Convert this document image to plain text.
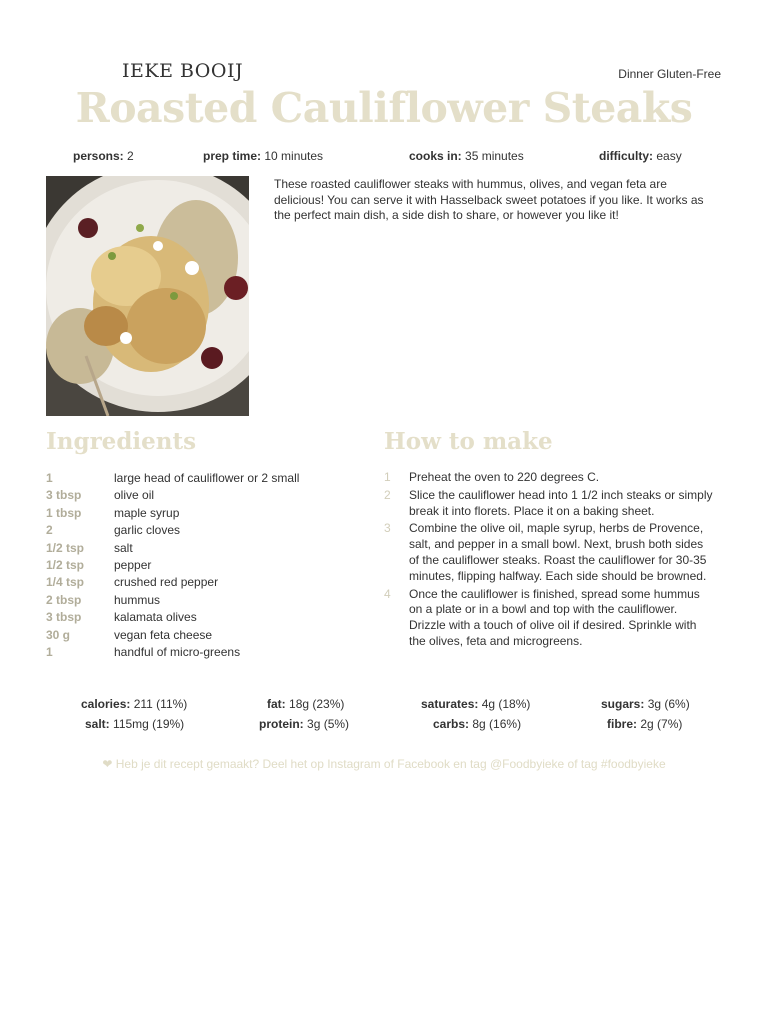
IEKE BOOIJ	Dinner Gluten-Free
Roasted Cauliflower Steaks
persons: 2	prep time: 10 minutes	cooks in: 35 minutes	difficulty: easy
These roasted cauliflower steaks with hummus, olives, and vegan feta are delicious! You can serve it with Hasselback sweet potatoes if you like. It works as the perfect main dish, a side dish to share, or however you like it!
Ingredients	How to make
1	large head of cauliflower or 2 small
3 tbsp	olive oil
1 tbsp	maple syrup
2	garlic cloves
1/2 tsp	salt
1/2 tsp	pepper
1/4 tsp	crushed red pepper
2 tbsp	hummus
3 tbsp	kalamata olives
30 g	vegan feta cheese
1	handful of micro-greens
1	Preheat the oven to 220 degrees C.
2	Slice the cauliflower head into 1 1/2 inch steaks or simply break it into florets. Place it on a baking sheet.
3	Combine the olive oil, maple syrup, herbs de Provence, salt, and pepper in a small bowl. Next, brush both sides of the cauliflower steaks. Roast the cauliflower for 30-35 minutes, flipping halfway. Each side should be browned.
4	Once the cauliflower is finished, spread some hummus on a plate or in a bowl and top with the cauliflower. Drizzle with a touch of olive oil if desired. Sprinkle with the olives, feta and microgreens.
calories: 211 (11%)	fat: 18g (23%)	saturates: 4g (18%)	sugars: 3g (6%)
salt: 115mg (19%)	protein: 3g (5%)	carbs: 8g (16%)	fibre: 2g (7%)
❤ Heb je dit recept gemaakt? Deel het op Instagram of Facebook en tag @Foodbyieke of tag #foodbyieke
